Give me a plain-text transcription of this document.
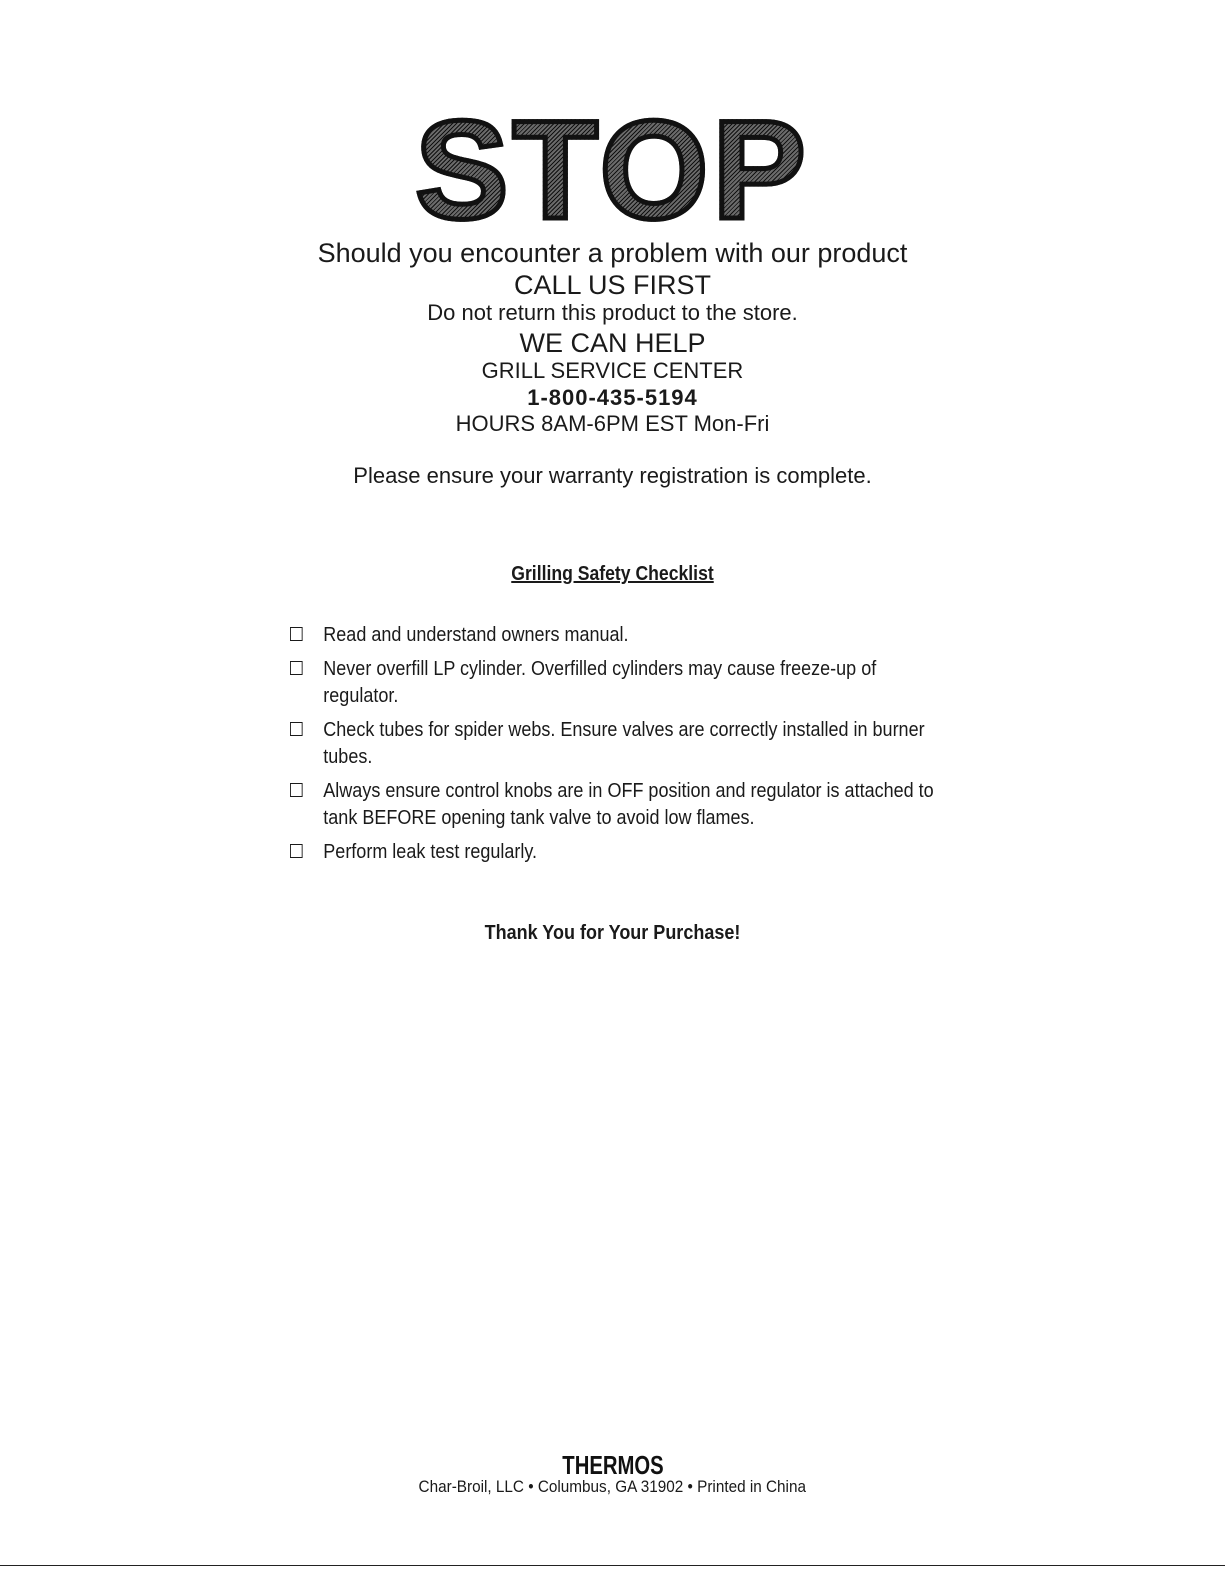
STOP
Should you encounter a problem with our product
CALL US FIRST
Do not return this product to the store.
WE CAN HELP
GRILL SERVICE CENTER
1-800-435-5194
HOURS 8AM-6PM EST Mon-Fri
Please ensure your warranty registration is complete.
Grilling Safety Checklist
Read and understand owners manual.
Never overfill LP cylinder. Overfilled cylinders may cause freeze-up of regulator.
Check tubes for spider webs. Ensure valves are correctly installed in burner tubes.
Always ensure control knobs are in OFF position and regulator is attached to tank BEFORE opening tank valve to avoid low flames.
Perform leak test regularly.
Thank You for Your Purchase!
THERMOS
Char-Broil, LLC • Columbus, GA 31902 • Printed in China
